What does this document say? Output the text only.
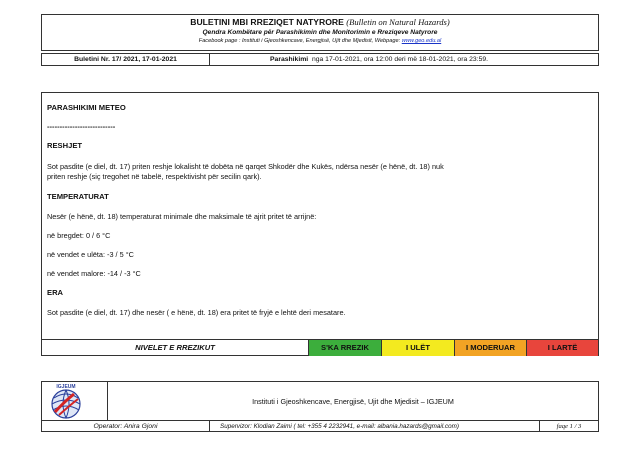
BULETINI MBI RREZIQET NATYRORE (Bulletin on Natural Hazards)
Qendra Kombëtare për Parashikimin dhe Monitorimin e Rreziqeve Natyrore
Facebook page : Instituti i Gjeoshkencave, Energjisë, Ujit dhe Mjedisit, Webpage: www.geo.edu.al
Buletini Nr. 17/ 2021, 17-01-2021	Parashikimi nga 17-01-2021, ora 12:00 deri më 18-01-2021, ora 23:59.
PARASHIKIMI METEO
---------------------------
RESHJET
Sot pasdite (e diel, dt. 17) priten reshje lokalisht të dobëta në qarqet Shkodër dhe Kukës, ndërsa nesër (e hënë, dt. 18) nuk
priten reshje (siç tregohet në tabelë, respektivisht për secilin qark).
TEMPERATURAT
Nesër (e hënë, dt. 18) temperaturat minimale dhe maksimale të ajrit pritet të arrijnë:
në bregdet: 0 / 6 °C
në vendet e ulëta: -3 / 5 °C
në vendet malore: -14 / -3 °C
ERA
Sot pasdite (e diel, dt. 17) dhe nesër ( e hënë, dt. 18) era pritet të fryjë e lehtë deri mesatare.
NIVELET E RREZIKUT	S'KA RREZIK	I ULËT	I MODERUAR	I LARTË
IGJEUM
Instituti i Gjeoshkencave, Energjisë, Ujit dhe Mjedisit – IGJEUM
Operator: Anira Gjoni	Supervizor: Klodian Zaimi ( tel: +355 4 2232941, e-mail: albania.hazards@gmail.com)	faqe 1 / 3
